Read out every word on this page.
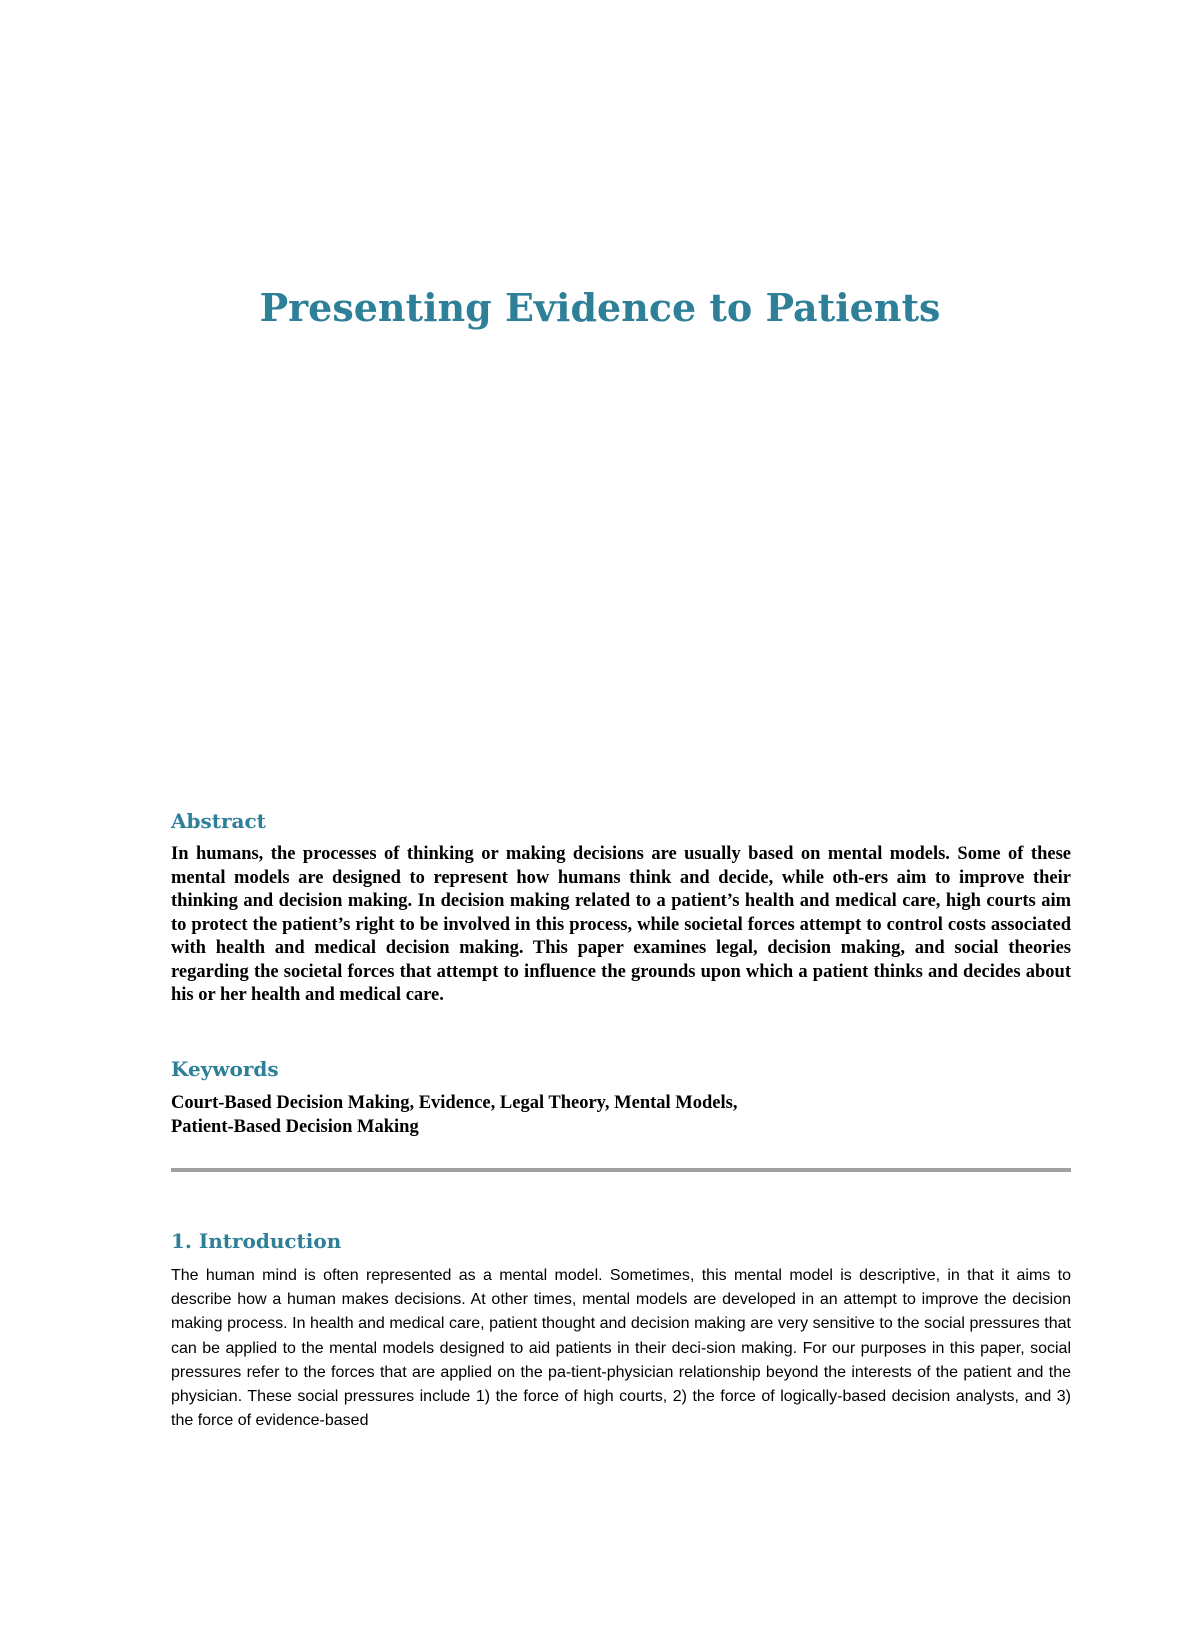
Presenting Evidence to Patients
Abstract

In humans, the processes of thinking or making decisions are usually based on mental models. Some of these mental models are designed to represent how humans think and decide, while oth-ers aim to improve their thinking and decision making. In decision making related to a patient’s health and medical care, high courts aim to protect the patient’s right to be involved in this process, while societal forces attempt to control costs associated with health and medical decision making. This paper examines legal, decision making, and social theories regarding the societal forces that attempt to influence the grounds upon which a patient thinks and decides about his or her health and medical care.

Keywords

Court-Based Decision Making, Evidence, Legal Theory, Mental Models,
Patient-Based Decision Making

1. Introduction

The human mind is often represented as a mental model. Sometimes, this mental model is descriptive, in that it aims to describe how a human makes decisions. At other times, mental models are developed in an attempt to improve the decision making process. In health and medical care, patient thought and decision making are very sensitive to the social pressures that can be applied to the mental models designed to aid patients in their deci-sion making. For our purposes in this paper, social pressures refer to the forces that are applied on the pa-tient-physician relationship beyond the interests of the patient and the physician. These social pressures include 1) the force of high courts, 2) the force of logically-based decision analysts, and 3) the force of evidence-based
